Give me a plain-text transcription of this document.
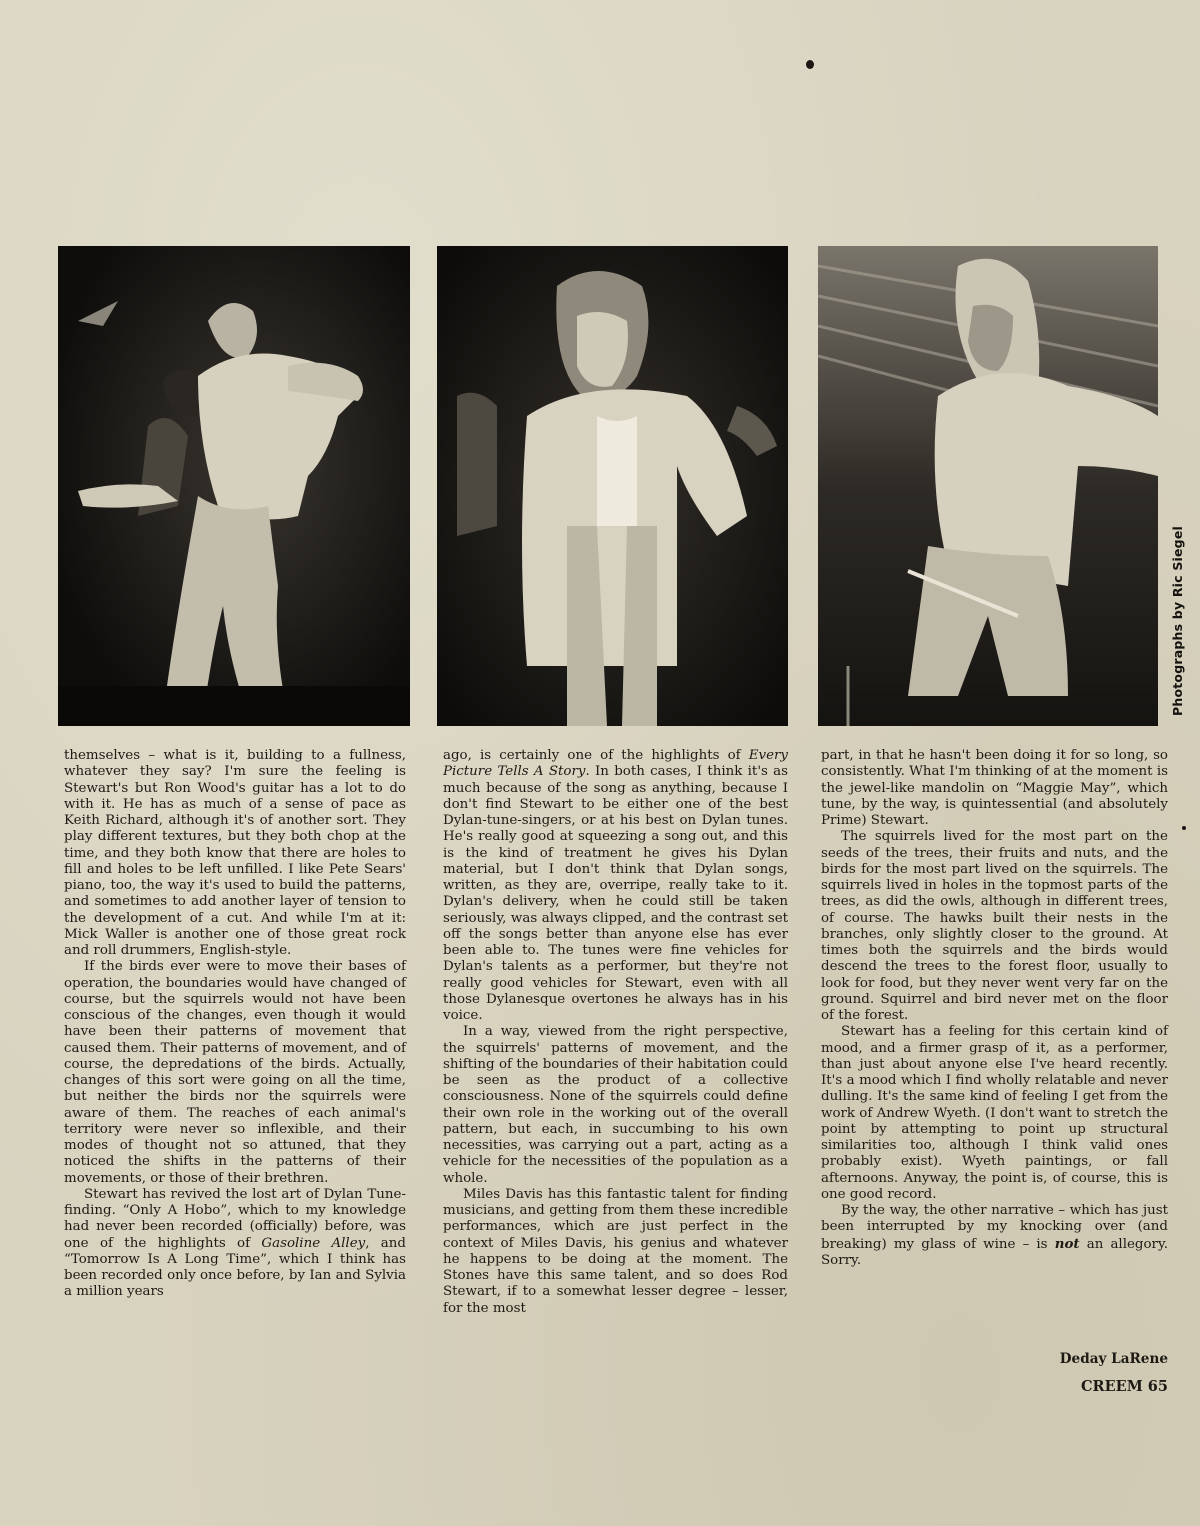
Photographs by Ric Siegel

themselves – what is it, building to a fullness, whatever they say? I'm sure the feeling is Stewart's but Ron Wood's guitar has a lot to do with it. He has as much of a sense of pace as Keith Richard, although it's of another sort. They play different textures, but they both chop at the time, and they both know that there are holes to fill and holes to be left unfilled. I like Pete Sears' piano, too, the way it's used to build the patterns, and sometimes to add another layer of tension to the development of a cut. And while I'm at it: Mick Waller is another one of those great rock and roll drummers, English-style.

If the birds ever were to move their bases of operation, the boundaries would have changed of course, but the squirrels would not have been conscious of the changes, even though it would have been their patterns of movement that caused them. Their patterns of movement, and of course, the depredations of the birds. Actually, changes of this sort were going on all the time, but neither the birds nor the squirrels were aware of them. The reaches of each animal's territory were never so inflexible, and their modes of thought not so attuned, that they noticed the shifts in the patterns of their movements, or those of their brethren.

Stewart has revived the lost art of Dylan Tune-finding. “Only A Hobo”, which to my knowledge had never been recorded (officially) before, was one of the highlights of Gasoline Alley, and “Tomorrow Is A Long Time”, which I think has been recorded only once before, by Ian and Sylvia a million years

ago, is certainly one of the highlights of Every Picture Tells A Story. In both cases, I think it's as much because of the song as anything, because I don't find Stewart to be either one of the best Dylan-tune-singers, or at his best on Dylan tunes. He's really good at squeezing a song out, and this is the kind of treatment he gives his Dylan material, but I don't think that Dylan songs, written, as they are, overripe, really take to it. Dylan's delivery, when he could still be taken seriously, was always clipped, and the contrast set off the songs better than anyone else has ever been able to. The tunes were fine vehicles for Dylan's talents as a performer, but they're not really good vehicles for Stewart, even with all those Dylanesque overtones he always has in his voice.

In a way, viewed from the right perspective, the squirrels' patterns of movement, and the shifting of the boundaries of their habitation could be seen as the product of a collective consciousness. None of the squirrels could define their own role in the working out of the overall pattern, but each, in succumbing to his own necessities, was carrying out a part, acting as a vehicle for the necessities of the population as a whole.

Miles Davis has this fantastic talent for finding musicians, and getting from them these incredible performances, which are just perfect in the context of Miles Davis, his genius and whatever he happens to be doing at the moment. The Stones have this same talent, and so does Rod Stewart, if to a somewhat lesser degree – lesser, for the most

part, in that he hasn't been doing it for so long, so consistently. What I'm thinking of at the moment is the jewel-like mandolin on “Maggie May”, which tune, by the way, is quintessential (and absolutely Prime) Stewart.

The squirrels lived for the most part on the seeds of the trees, their fruits and nuts, and the birds for the most part lived on the squirrels. The squirrels lived in holes in the topmost parts of the trees, as did the owls, although in different trees, of course. The hawks built their nests in the branches, only slightly closer to the ground. At times both the squirrels and the birds would descend the trees to the forest floor, usually to look for food, but they never went very far on the ground. Squirrel and bird never met on the floor of the forest.

Stewart has a feeling for this certain kind of mood, and a firmer grasp of it, as a performer, than just about anyone else I've heard recently. It's a mood which I find wholly relatable and never dulling. It's the same kind of feeling I get from the work of Andrew Wyeth. (I don't want to stretch the point by attempting to point up structural similarities too, although I think valid ones probably exist). Wyeth paintings, or fall afternoons. Anyway, the point is, of course, this is one good record.

By the way, the other narrative – which has just been interrupted by my knocking over (and breaking) my glass of wine – is not an allegory. Sorry.

Deday LaRene
CREEM 65
